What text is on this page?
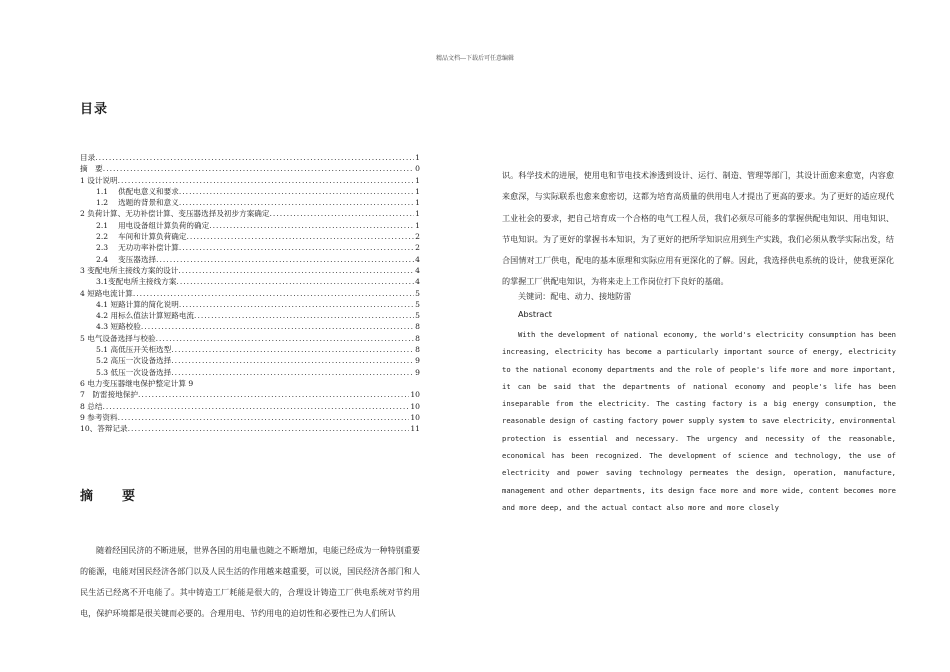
精品文档---下载后可任意编辑
目录
目录 .....	1
摘　要 .....	0
1 设计说明 .....	1
1.1　 供配电意义和要求 .....	1
1.2　 选题的背景和意义 .....	1
2 负荷计算、无功补偿计算、变压器选择及初步方案确定 .....	1
2.1　 用电设备组计算负荷的确定 .....	1
2.2　 车间和计算负荷确定 .....	2
2.3　 无功功率补偿计算 .....	2
2.4　 变压器选择 .....	4
3 变配电所主接线方案的设计 .....	4
3.1变配电所主接线方案 .....	4
4 短路电流计算 .....	5
4.1 短路计算的简化说明 .....	5
4.2 用标么值法计算短路电流 .....	5
4.3 短路校验 .....	8
5 电气设备选择与校验 .....	8
5.1 高低压开关柜选型 .....	8
5.2 高压一次设备选择 .....	9
5.3 低压一次设备选择 .....	9
6 电力变压器继电保护整定计算 9
7　防雷接地保护 .....	10
8 总结 .....	10
9 参考资料 .....	10
10、答辩记录 .....	11
摘　要
随着经国民济的不断进展，世界各国的用电量也随之不断增加，电能已经成为一种特别重要的能源，电能对国民经济各部门以及人民生活的作用越来越重要，可以说，国民经济各部门和人民生活已经离不开电能了。其中铸造工厂耗能是很大的，合理设计铸造工厂供电系统对节约用电，保护环境都是很关键而必要的。合理用电、节约用电的迫切性和必要性已为人们所认
识。科学技术的进展，使用电和节电技术渗透到设计、运行、制造、管理等部门，其设计面愈来愈宽，内容愈来愈深，与实际联系也愈来愈密切，这都为培育高质量的供用电人才提出了更高的要求。为了更好的适应现代工业社会的要求，把自己培育成一个合格的电气工程人员，我们必须尽可能多的掌握供配电知识、用电知识、节电知识。为了更好的掌握书本知识，为了更好的把所学知识应用到生产实践，我们必须从教学实际出发，结合国情对工厂供电，配电的基本原理和实际应用有更深化的了解。因此，我选择供电系统的设计，使我更深化的掌握工厂供配电知识，为将来走上工作岗位打下良好的基础。
关键词：配电、动力、接地防雷
Abstract
With the development of national economy, the world's electricity consumption has been increasing, electricity has become a particularly important source of energy, electricity to the national economy departments and the role of people's life more and more important, it can be said that the departments of national economy and people's life has been inseparable from the electricity. The casting factory is a big energy consumption, the reasonable design of casting factory power supply system to save electricity, environmental protection is essential and necessary. The urgency and necessity of the reasonable, economical has been recognized. The development of science and technology, the use of electricity and power saving technology permeates the design, operation, manufacture, management and other departments, its design face more and more wide, content becomes more and more deep, and the actual contact also more and more closely
